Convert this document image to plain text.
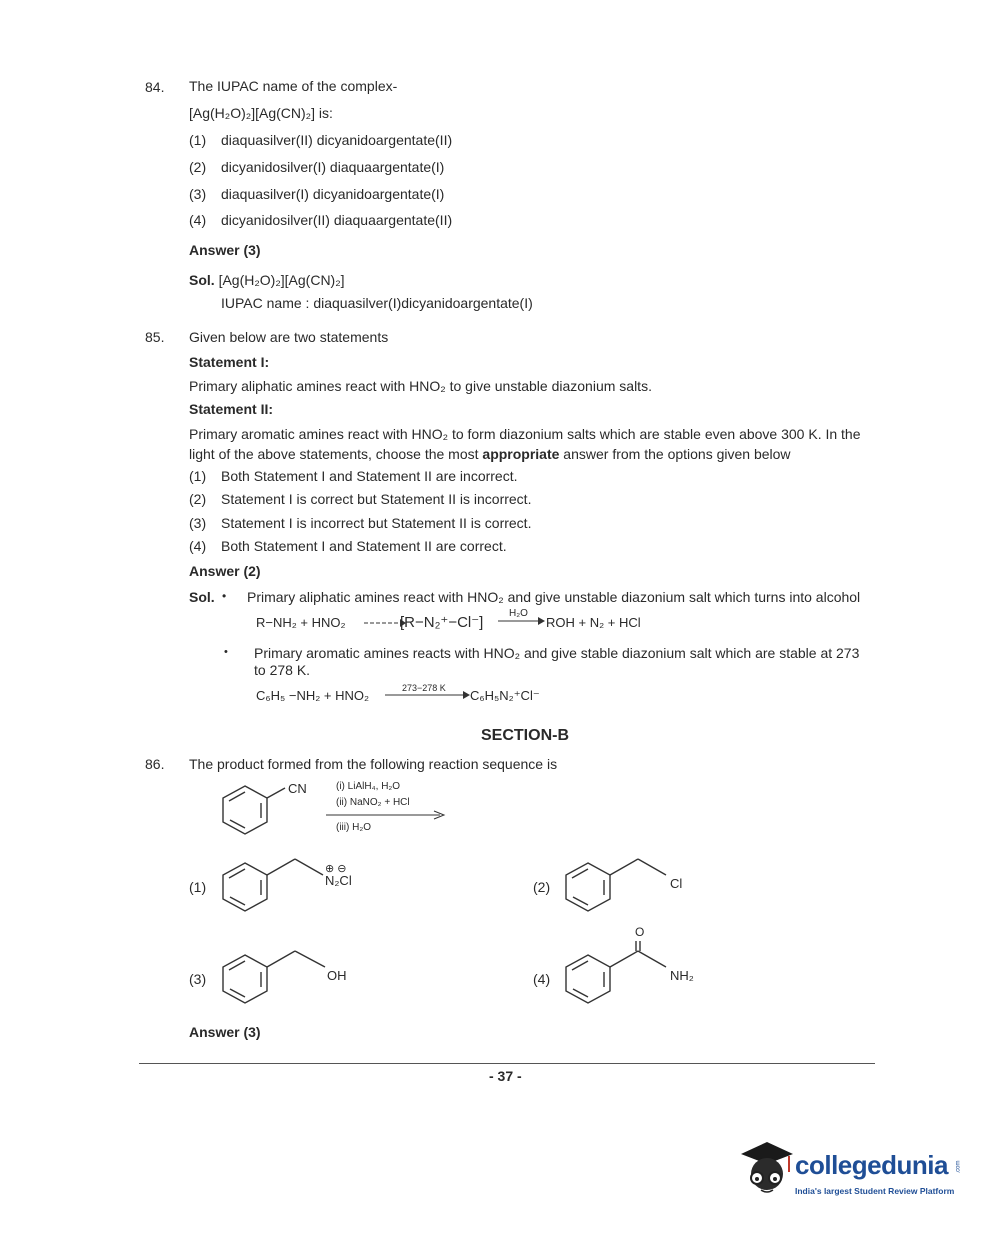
84. The IUPAC name of the complex-
[Ag(H₂O)₂][Ag(CN)₂] is:
(1) diaquasilver(II) dicyanidoargentate(II)
(2) dicyanidosilver(I) diaquaargentate(I)
(3) diaquasilver(I) dicyanidoargentate(I)
(4) dicyanidosilver(II) diaquaargentate(II)
Answer (3)
Sol. [Ag(H₂O)₂][Ag(CN)₂]
IUPAC name : diaquasilver(I)dicyanidoargentate(I)
85. Given below are two statements
Statement I:
Primary aliphatic amines react with HNO₂ to give unstable diazonium salts.
Statement II:
Primary aromatic amines react with HNO₂ to form diazonium salts which are stable even above 300 K. In the light of the above statements, choose the most appropriate answer from the options given below
(1) Both Statement I and Statement II are incorrect.
(2) Statement I is correct but Statement II is incorrect.
(3) Statement I is incorrect but Statement II is correct.
(4) Both Statement I and Statement II are correct.
Answer (2)
Sol. • Primary aliphatic amines react with HNO₂ and give unstable diazonium salt which turns into alcohol
R−NH₂ + HNO₂	[R−N₂⁺−Cl⁻]
H₂O
ROH + N₂ + HCl
• Primary aromatic amines reacts with HNO₂ and give stable diazonium salt which are stable at 273 to 278 K.
C₆H₅ −NH₂ + HNO₂	273−278 K C₆H₅N₂⁺Cl⁻
SECTION-B
86. The product formed from the following reaction sequence is
CN	(i) LiAlH₄, H₂O
(ii) NaNO₂ + HCl
(iii) H₂O
(1)
⊕ ⊖
N₂Cl	(2)	Cl
(3)	OH	(4)
O
NH₂
Answer (3)
- 37 -
collegedunia .com
India's largest Student Review Platform
